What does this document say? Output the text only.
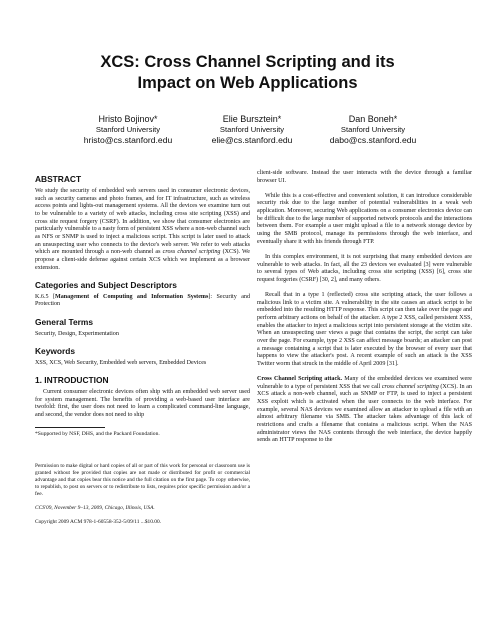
XCS: Cross Channel Scripting and its
Impact on Web Applications
Hristo Bojinov*
Stanford University
hristo@cs.stanford.edu
Elie Bursztein*
Stanford University
elie@cs.stanford.edu
Dan Boneh*
Stanford University
dabo@cs.stanford.edu
ABSTRACT

We study the security of embedded web servers used in consumer electronic devices, such as security cameras and photo frames, and for IT infrastructure, such as wireless access points and lights-out management systems. All the devices we examine turn out to be vulnerable to a variety of web attacks, including cross site scripting (XSS) and cross site request forgery (CSRF). In addition, we show that consumer electronics are particularly vulnerable to a nasty form of persistent XSS where a non-web channel such as NFS or SNMP is used to inject a malicious script. This script is later used to attack an unsuspecting user who connects to the device's web server. We refer to web attacks which are mounted through a non-web channel as cross channel scripting (XCS). We propose a client-side defense against certain XCS which we implement as a browser extension.

Categories and Subject Descriptors

K.6.5 [Management of Computing and Information Systems]: Security and Protection

General Terms

Security, Design, Experimentation

Keywords

XSS, XCS, Web Security, Embedded web servers, Embedded Devices

1. INTRODUCTION

Current consumer electronic devices often ship with an embedded web server used for system management. The benefits of providing a web-based user interface are twofold: first, the user does not need to learn a complicated command-line language, and second, the vendor does not need to ship

*Supported by NSF, DHS, and the Packard Foundation.

Permission to make digital or hard copies of all or part of this work for personal or classroom use is granted without fee provided that copies are not made or distributed for profit or commercial advantage and that copies bear this notice and the full citation on the first page. To copy otherwise, to republish, to post on servers or to redistribute to lists, requires prior specific permission and/or a fee.

CCS'09, November 9–13, 2009, Chicago, Illinois, USA.

Copyright 2009 ACM 978-1-60558-352-5/09/11 ...$10.00.

client-side software. Instead the user interacts with the device through a familiar browser UI.

While this is a cost-effective and convenient solution, it can introduce considerable security risk due to the large number of potential vulnerabilities in a weak web application. Moreover, securing Web applications on a consumer electronics device can be difficult due to the large number of supported network protocols and the interactions between them. For example a user might upload a file to a network storage device by using the SMB protocol, manage its permissions through the web interface, and eventually share it with his friends through FTP.

In this complex environment, it is not surprising that many embedded devices are vulnerable to web attacks. In fact, all the 23 devices we evaluated [3] were vulnerable to several types of Web attacks, including cross site scripting (XSS) [6], cross site request forgeries (CSRF) [30, 2], and many others.

Recall that in a type 1 (reflected) cross site scripting attack, the user follows a malicious link to a victim site. A vulnerability in the site causes an attack script to be embedded into the resulting HTTP response. This script can then take over the page and perform arbitrary actions on behalf of the attacker. A type 2 XSS, called persistent XSS, enables the attacker to inject a malicious script into persistent storage at the victim site. When an unsuspecting user views a page that contains the script, the script can take over the page. For example, type 2 XSS can affect message boards; an attacker can post a message containing a script that is later executed by the browser of every user that happens to view the attacker's post. A recent example of such an attack is the XSS Twitter worm that struck in the middle of April 2009 [31].

Cross Channel Scripting attack. Many of the embedded devices we examined were vulnerable to a type of persistent XSS that we call cross channel scripting (XCS). In an XCS attack a non-web channel, such as SNMP or FTP, is used to inject a persistent XSS exploit which is activated when the user connects to the web interface. For example, several NAS devices we examined allow an attacker to upload a file with an almost arbitrary filename via SMB. The attacker takes advantage of this lack of restrictions and crafts a filename that contains a malicious script. When the NAS administrator views the NAS contents through the web interface, the device happily sends an HTTP response to the
